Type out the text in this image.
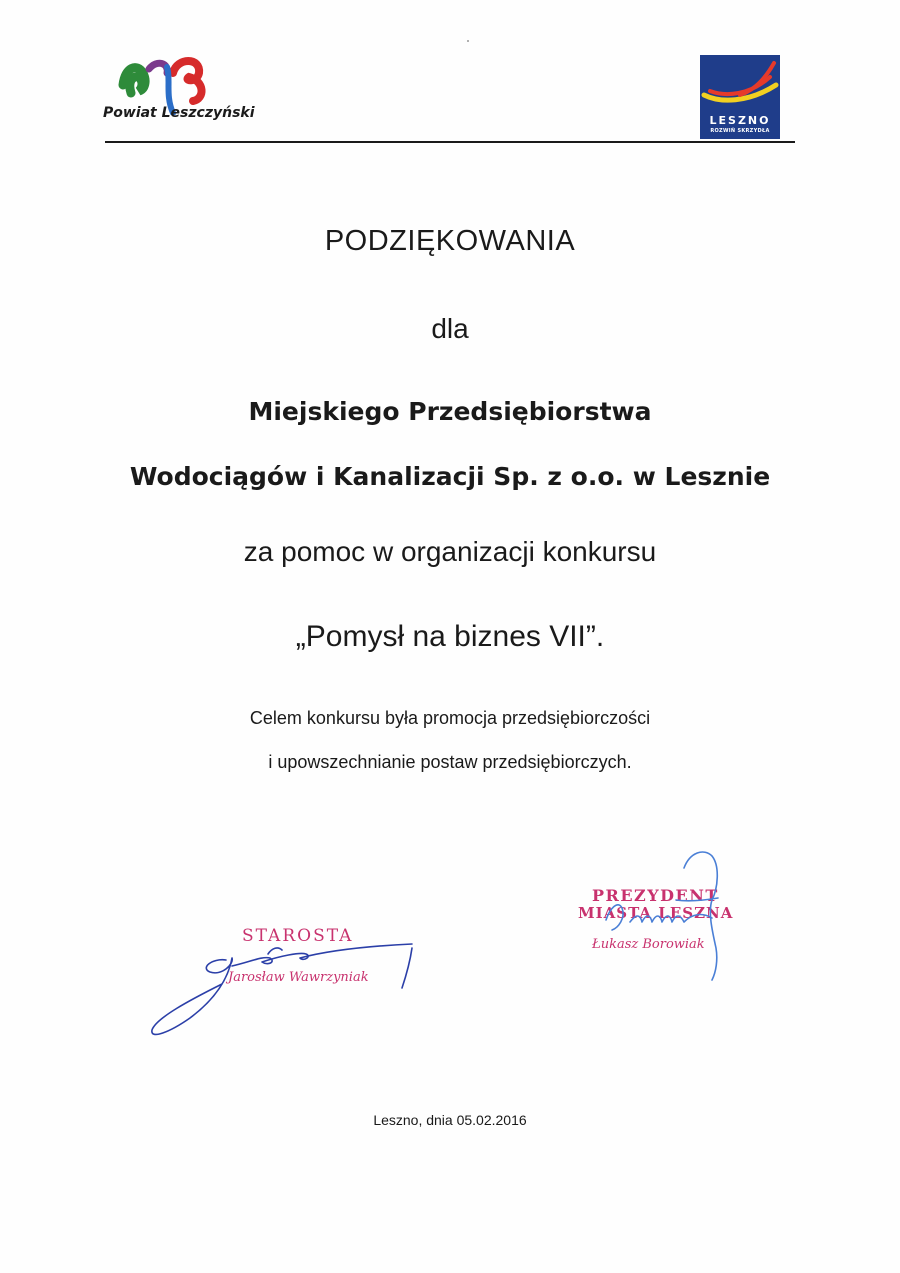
Powiat Leszczyński	LESZNO
ROZWIŃ SKRZYDŁA
PODZIĘKOWANIA
dla
Miejskiego Przedsiębiorstwa
Wodociągów i Kanalizacji Sp. z o.o. w Lesznie
za pomoc w organizacji konkursu
„Pomysł na biznes VII”.
Celem konkursu była promocja przedsiębiorczości
i upowszechnianie postaw przedsiębiorczych.
STAROSTA
Jarosław Wawrzyniak
PREZYDENT
MIASTA LESZNA
Łukasz Borowiak
Leszno, dnia 05.02.2016
